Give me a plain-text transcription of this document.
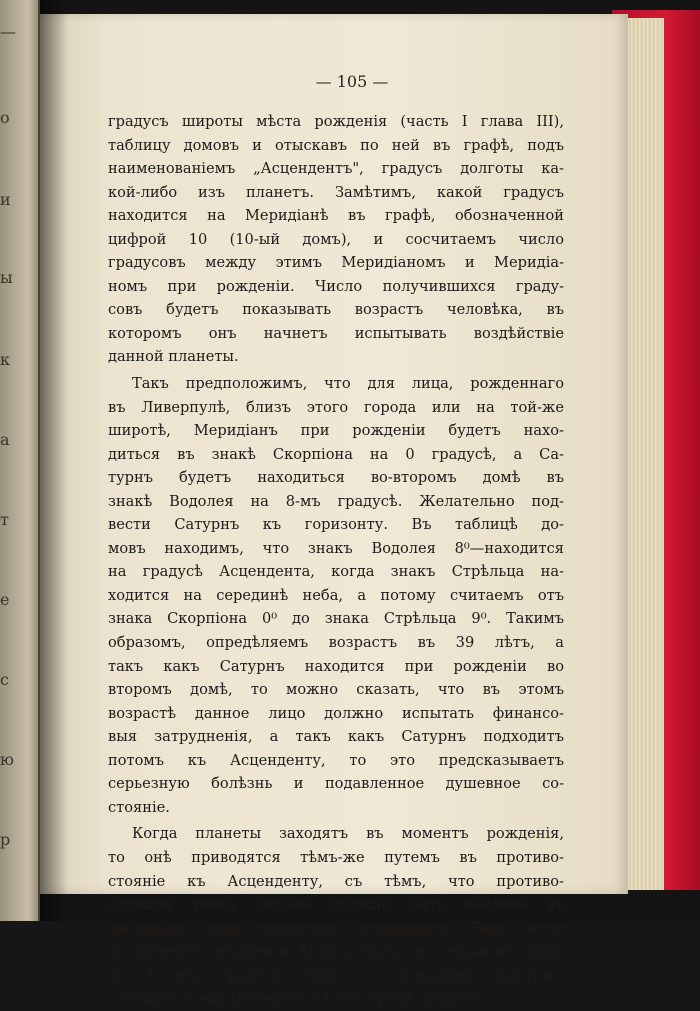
—
о
и
ы
к
а
т
е
с
ю
р
— 105 —
градусъ широты мѣста рожденія (часть I глава III),
таблицу домовъ и отыскавъ по ней въ графѣ, подъ
наименованіемъ „Асцендентъ", градусъ долготы ка-
кой-либо изъ планетъ. Замѣтимъ, какой градусъ
находится на Меридіанѣ въ графѣ, обозначенной
цифрой 10 (10-ый домъ), и сосчитаемъ число
градусовъ между этимъ Меридіаномъ и Меридіа-
номъ при рожденіи. Число получившихся граду-
совъ будетъ показывать возрастъ человѣка, въ
которомъ онъ начнетъ испытывать воздѣйствіе
данной планеты.
Такъ предположимъ, что для лица, рожденнаго
въ Ливерпулѣ, близъ этого города или на той-же
широтѣ, Меридіанъ при рожденіи будетъ нахо-
диться въ знакѣ Скорпіона на 0 градусѣ, а Са-
турнъ будетъ находиться во-второмъ домѣ въ
знакѣ Водолея на 8-мъ градусѣ. Желательно под-
вести Сатурнъ къ горизонту. Въ таблицѣ до-
мовъ находимъ, что знакъ Водолея 8⁰—находится
на градусѣ Асцендента, когда знакъ Стрѣльца на-
ходится на серединѣ неба, а потому считаемъ отъ
знака Скорпіона 0⁰ до знака Стрѣльца 9⁰. Такимъ
образомъ, опредѣляемъ возрастъ въ 39 лѣтъ, а
такъ какъ Сатурнъ находится при рожденіи во
второмъ домѣ, то можно сказать, что въ этомъ
возрастѣ данное лицо должно испытать финансо-
выя затрудненія, а такъ какъ Сатурнъ подходитъ
потомъ къ Асценденту, то это предсказываетъ
серьезную болѣзнь и подавленное душевное со-
стояніе.
Когда планеты заходятъ въ моментъ рожденія,
то онѣ приводятся тѣмъ-же путемъ въ противо-
стояніе къ Асценденту, съ тѣмъ, что противо-
стоящая точка Зодіака должна быть найдена въ
таблицахъ подъ градусомъ Асцендента. Такъ, если
въ моментъ рожденія Марсъ былъ въ седьмомъ домѣ
въ 11-омъ градусѣ Рака, то находимъ противо-
стоящую точку (Козерогъ 11⁰) въ графѣ градуса
